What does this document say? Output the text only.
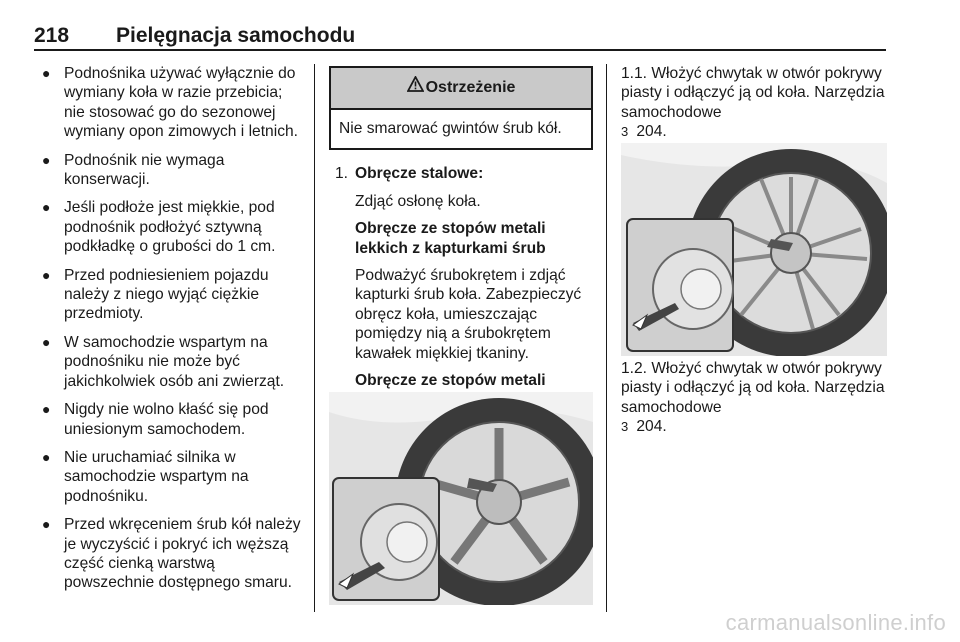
218 Pielęgnacja samochodu
● Podnośnika używać wyłącznie do wymiany koła w razie przebicia; nie stosować go do sezonowej wymiany opon zimowych i letnich.
● Podnośnik nie wymaga konserwacji.
● Jeśli podłoże jest miękkie, pod podnośnik podłożyć sztywną podkładkę o grubości do 1 cm.
● Przed podniesieniem pojazdu należy z niego wyjąć ciężkie przedmioty.
● W samochodzie wspartym na podnośniku nie może być jakichkolwiek osób ani zwierząt.
● Nigdy nie wolno kłaść się pod uniesionym samochodem.
● Nie uruchamiać silnika w samochodzie wspartym na podnośniku.
● Przed wkręceniem śrub kół należy je wyczyścić i pokryć ich węższą część cienką warstwą powszechnie dostępnego smaru.
Ostrzeżenie
Nie smarować gwintów śrub kół.
1. Obręcze stalowe:

Zdjąć osłonę koła.

Obręcze ze stopów metali lekkich z kapturkami śrub

Podważyć śrubokrętem i zdjąć kapturki śrub koła. Zabezpieczyć obręcz koła, umieszczając pomiędzy nią a śrubokrętem kawałek miękkiej tkaniny.

Obręcze ze stopów metali

1.1. Włożyć chwytak w otwór pokrywy piasty i odłączyć ją od koła. Narzędzia samochodowe
3 204.

1.2. Włożyć chwytak w otwór pokrywy piasty i odłączyć ją od koła. Narzędzia samochodowe
3 204.

carmanualsonline.info
